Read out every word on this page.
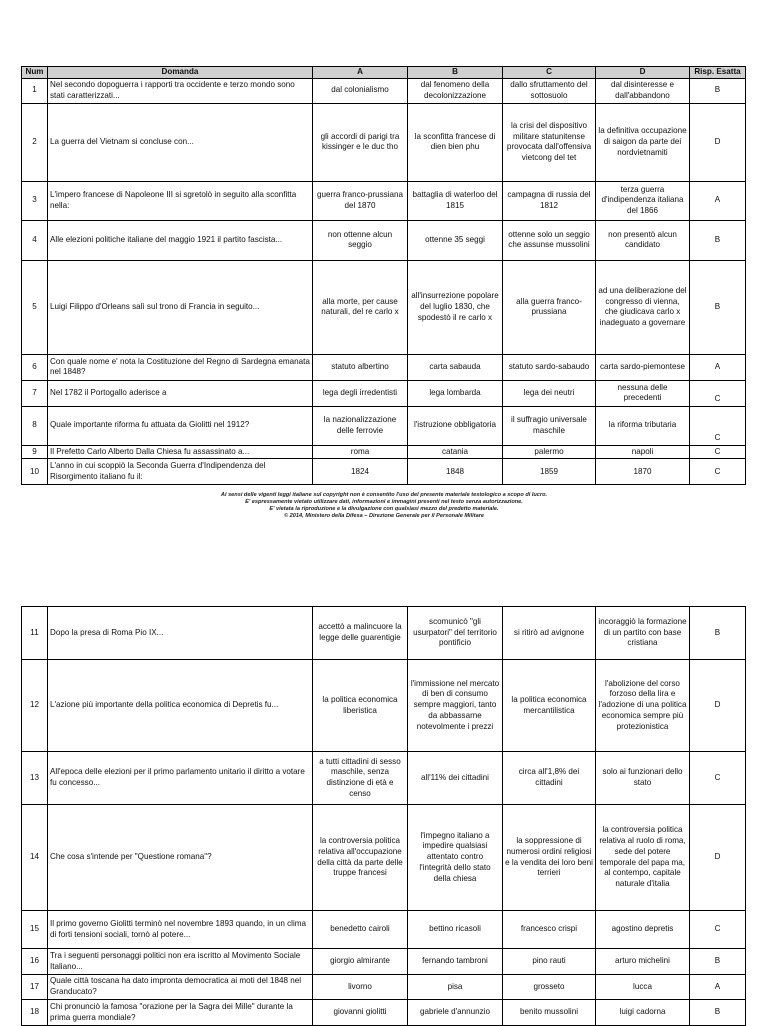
Num	Domanda	A	B	C	D	Risp. Esatta
1	Nel secondo dopoguerra i rapporti tra occidente e terzo mondo sono stati caratterizzati...	dal colonialismo	dal fenomeno della decolonizzazione	dallo sfruttamento del sottosuolo	dal disinteresse e dall'abbandono	B
2	La guerra del Vietnam si concluse con...	gli accordi di parigi tra kissinger e le duc tho	la sconfitta francese di dien bien phu	la crisi del dispositivo militare statunitense provocata dall'offensiva vietcong del tet	la definitiva occupazione di saigon da parte dei nordvietnamiti	D
3	L'impero francese di Napoleone III si sgretolò in seguito alla sconfitta nella:	guerra franco-prussiana del 1870	battaglia di waterloo del 1815	campagna di russia del 1812	terza guerra d'indipendenza italiana del 1866	A
4	Alle elezioni politiche italiane del maggio 1921 il partito fascista...	non ottenne alcun seggio	ottenne 35 seggi	ottenne solo un seggio che assunse mussolini	non presentò alcun candidato	B
5	Luigi Filippo d'Orleans salì sul trono di Francia in seguito...	alla morte, per cause naturali, del re carlo x	all'insurrezione popolare del luglio 1830, che spodestò il re carlo x	alla guerra franco-prussiana	ad una deliberazione del congresso di vienna, che giudicava carlo x inadeguato a governare	B
6	Con quale nome e' nota la Costituzione del Regno di Sardegna emanata nel 1848?	statuto albertino	carta sabauda	statuto sardo-sabaudo	carta sardo-piemontese	A
7	Nel 1782 il Portogallo aderisce a	lega degli irredentisti	lega lombarda	lega dei neutri	nessuna delle precedenti	C
8	Quale importante riforma fu attuata da Giolitti nel 1912?	la nazionalizzazione delle ferrovie	l'istruzione obbligatoria	il suffragio universale maschile	la riforma tributaria	C
9	Il Prefetto Carlo Alberto Dalla Chiesa fu assassinato a...	roma	catania	palermo	napoli	C
10	L'anno in cui scoppiò la Seconda Guerra d'Indipendenza del Risorgimento italiano fu il:	1824	1848	1859	1870	C
Ai sensi delle vigenti leggi italiane sul copyright non è consentito l'uso del presente materiale testologico a scopo di lucro.
E' espressamente vietato utilizzare dati, informazioni e immagini presenti nel testo senza autorizzazione.
E' vietata la riproduzione e la divulgazione con qualsiasi mezzo del predetto materiale.
© 2014, Ministero della Difesa – Direzione Generale per il Personale Militare
11	Dopo la presa di Roma Pio IX...	accettò a malincuore la legge delle guarentigie	scomunicò "gli usurpatori" del territorio pontificio	si ritirò ad avignone	incoraggiò la formazione di un partito con base cristiana	B
12	L'azione più importante della politica economica di Depretis fu...	la politica economica liberistica	l'immissione nel mercato di ben di consumo sempre maggiori, tanto da abbassarne notevolmente i prezzi	la politica economica mercantilistica	l'abolizione del corso forzoso della lira e l'adozione di una politica economica sempre più protezionistica	D
13	All'epoca delle elezioni per il primo parlamento unitario il diritto a votare fu concesso...	a tutti cittadini di sesso maschile, senza distinzione di età e censo	all'11% dei cittadini	circa all'1,8% dei cittadini	solo ai funzionari dello stato	C
14	Che cosa s'intende per "Questione romana"?	la controversia politica relativa all'occupazione della città da parte delle truppe francesi	l'impegno italiano a impedire qualsiasi attentato contro l'integrità dello stato della chiesa	la soppressione di numerosi ordini religiosi e la vendita dei loro beni terrieri	la controversia politica relativa al ruolo di roma, sede del potere temporale del papa ma, al contempo, capitale naturale d'italia	D
15	Il primo governo Giolitti terminò nel novembre 1893 quando, in un clima di forti tensioni sociali, tornò al potere...	benedetto cairoli	bettino ricasoli	francesco crispi	agostino depretis	C
16	Tra i seguenti personaggi politici non era iscritto al Movimento Sociale Italiano...	giorgio almirante	fernando tambroni	pino rauti	arturo michelini	B
17	Quale città toscana ha dato impronta democratica ai moti del 1848 nel Granducato?	livorno	pisa	grosseto	lucca	A
18	Chi pronunciò la famosa "orazione per la Sagra dei Mille" durante la prima guerra mondiale?	giovanni giolitti	gabriele d'annunzio	benito mussolini	luigi cadorna	B
